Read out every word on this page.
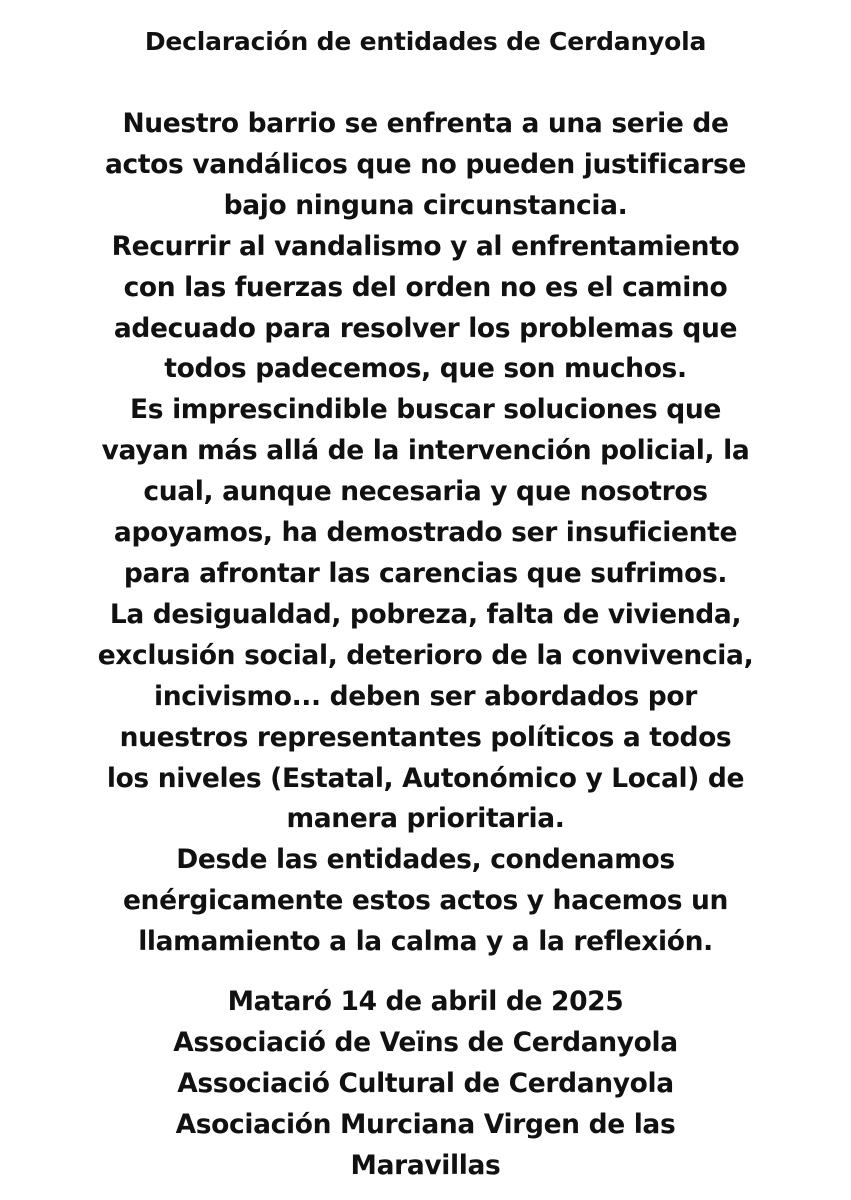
Declaración de entidades de Cerdanyola
Nuestro barrio se enfrenta a una serie de
actos vandálicos que no pueden justificarse
bajo ninguna circunstancia.
Recurrir al vandalismo y al enfrentamiento
con las fuerzas del orden no es el camino
adecuado para resolver los problemas que
todos padecemos, que son muchos.
Es imprescindible buscar soluciones que
vayan más allá de la intervención policial, la
cual, aunque necesaria y que nosotros
apoyamos, ha demostrado ser insuficiente
para afrontar las carencias que sufrimos.
La desigualdad, pobreza, falta de vivienda,
exclusión social, deterioro de la convivencia,
incivismo... deben ser abordados por
nuestros representantes políticos a todos
los niveles (Estatal, Autonómico y Local) de
manera prioritaria.
Desde las entidades, condenamos
enérgicamente estos actos y hacemos un
llamamiento a la calma y a la reflexión.
Mataró 14 de abril de 2025
Associació de Veïns de Cerdanyola
Associació Cultural de Cerdanyola
Asociación Murciana Virgen de las
Maravillas
